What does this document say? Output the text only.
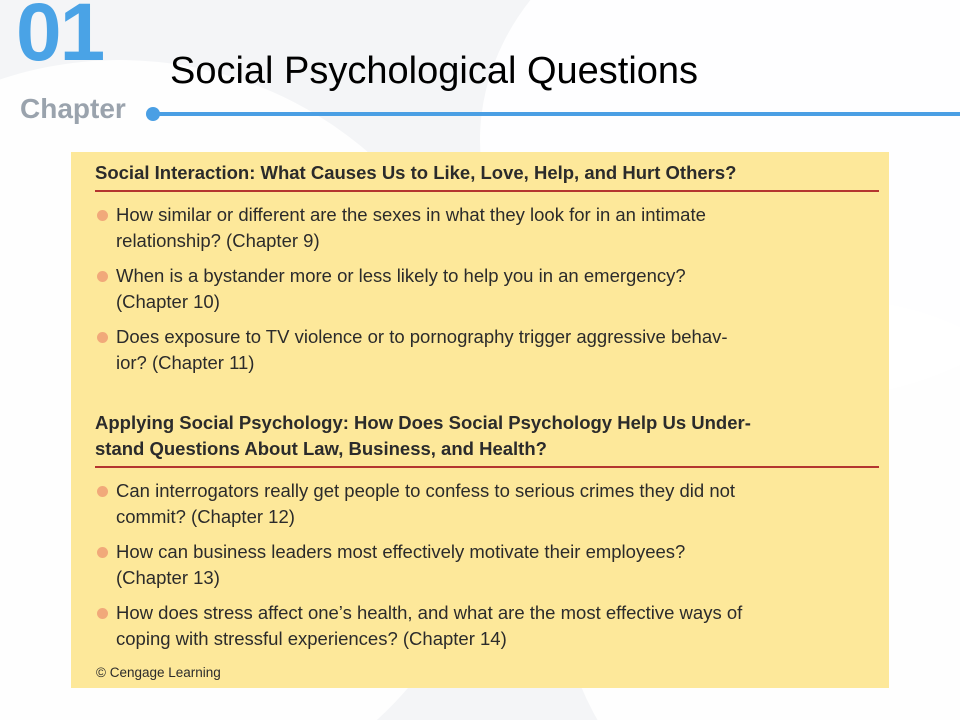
01
Chapter
Social Psychological Questions
Social Interaction: What Causes Us to Like, Love, Help, and Hurt Others?
How similar or different are the sexes in what they look for in an intimate
relationship? (Chapter 9)
When is a bystander more or less likely to help you in an emergency?
(Chapter 10)
Does exposure to TV violence or to pornography trigger aggressive behav-
ior? (Chapter 11)
Applying Social Psychology: How Does Social Psychology Help Us Under-
stand Questions About Law, Business, and Health?
Can interrogators really get people to confess to serious crimes they did not
commit? (Chapter 12)
How can business leaders most effectively motivate their employees?
(Chapter 13)
How does stress affect one’s health, and what are the most effective ways of
coping with stressful experiences? (Chapter 14)
© Cengage Learning
